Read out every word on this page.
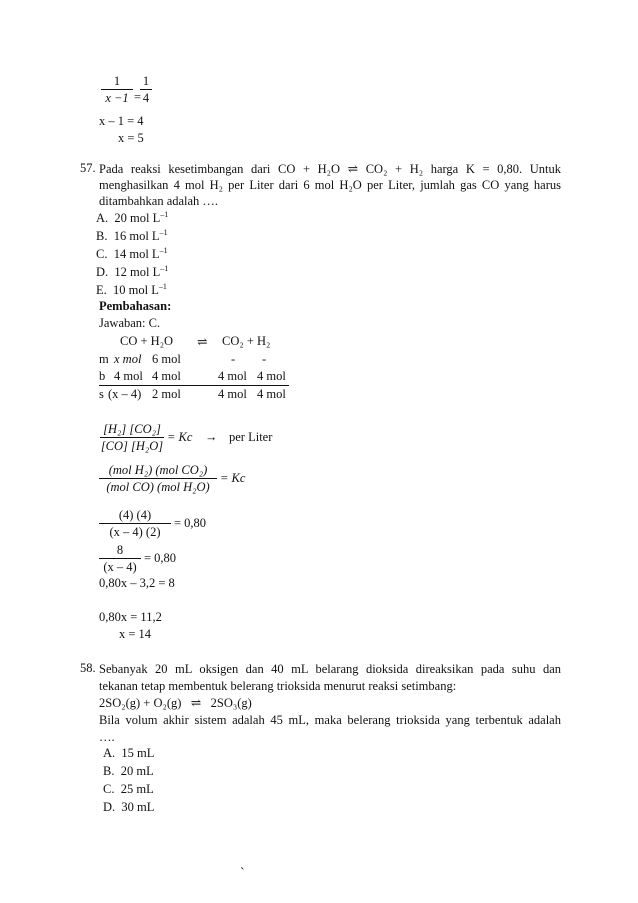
1
x −1 =
1
4
x – 1 = 4
x = 5
57. Pada reaksi kesetimbangan dari CO + H₂O ⇌ CO₂ + H₂ harga K = 0,80. Untuk
menghasilkan 4 mol H₂ per Liter dari 6 mol H₂O per Liter, jumlah gas CO yang harus
ditambahkan adalah ….
A. 20 mol $L^{-1}$
B. 16 mol $L^{-1}$
C. 14 mol $L^{-1}$
D. 12 mol $L^{-1}$
E. 10 mol $L^{-1}$
Pembahasan:
Jawaban: C.
CO + H₂O ⇌ CO₂ + H₂
m x mol 6 mol	- -
b 4 mol 4 mol	4 mol 4 mol
s (x – 4) 2 mol	4 mol 4 mol
[H₂] [CO₂]
[CO] [H₂O]
= Kc → per Liter
(mol H₂) (mol CO₂)
(mol CO) (mol H₂O)
= Kc
(4) (4)
(x – 4) (2)
= 0,80
8
(x – 4)
= 0,80
0,80x – 3,2 = 8
0,80x = 11,2
x = 14
58. Sebanyak 20 mL oksigen dan 40 mL belarang dioksida direaksikan pada suhu dan
tekanan tetap membentuk belerang trioksida menurut reaksi setimbang:
2SO₂(g) + O₂(g)   ⇌   2SO₃(g)
Bila volum akhir sistem adalah 45 mL, maka belerang trioksida yang terbentuk adalah
….
A. 15 mL
B. 20 mL
C. 25 mL
D. 30 mL
`
